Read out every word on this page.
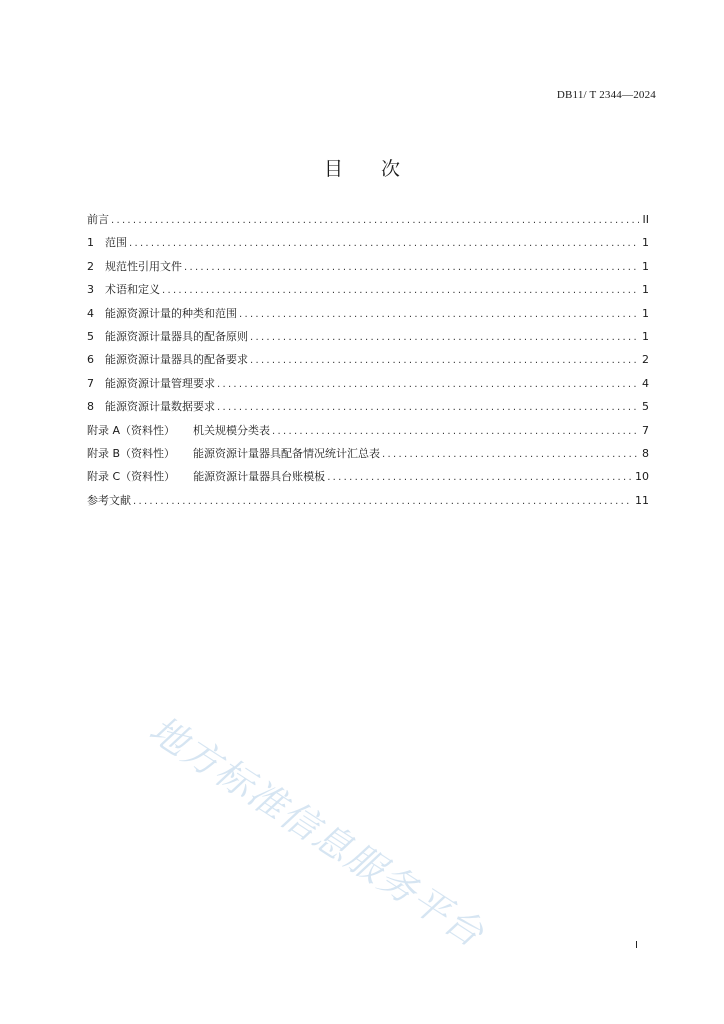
DB11/ T 2344—2024
目 次
前言 .....	II
1	范围 .....	1
2	规范性引用文件 .....	1
3	术语和定义 .....	1
4	能源资源计量的种类和范围 .....	1
5	能源资源计量器具的配备原则 .....	1
6	能源资源计量器具的配备要求 .....	2
7	能源资源计量管理要求 .....	4
8	能源资源计量数据要求 .....	5
附录 A（资料性） 机关规模分类表 .....	7
附录 B（资料性） 能源资源计量器具配备情况统计汇总表 .....	8
附录 C（资料性） 能源资源计量器具台账模板 .....	10
参考文献 .....	11
地方标准信息服务平台	I
